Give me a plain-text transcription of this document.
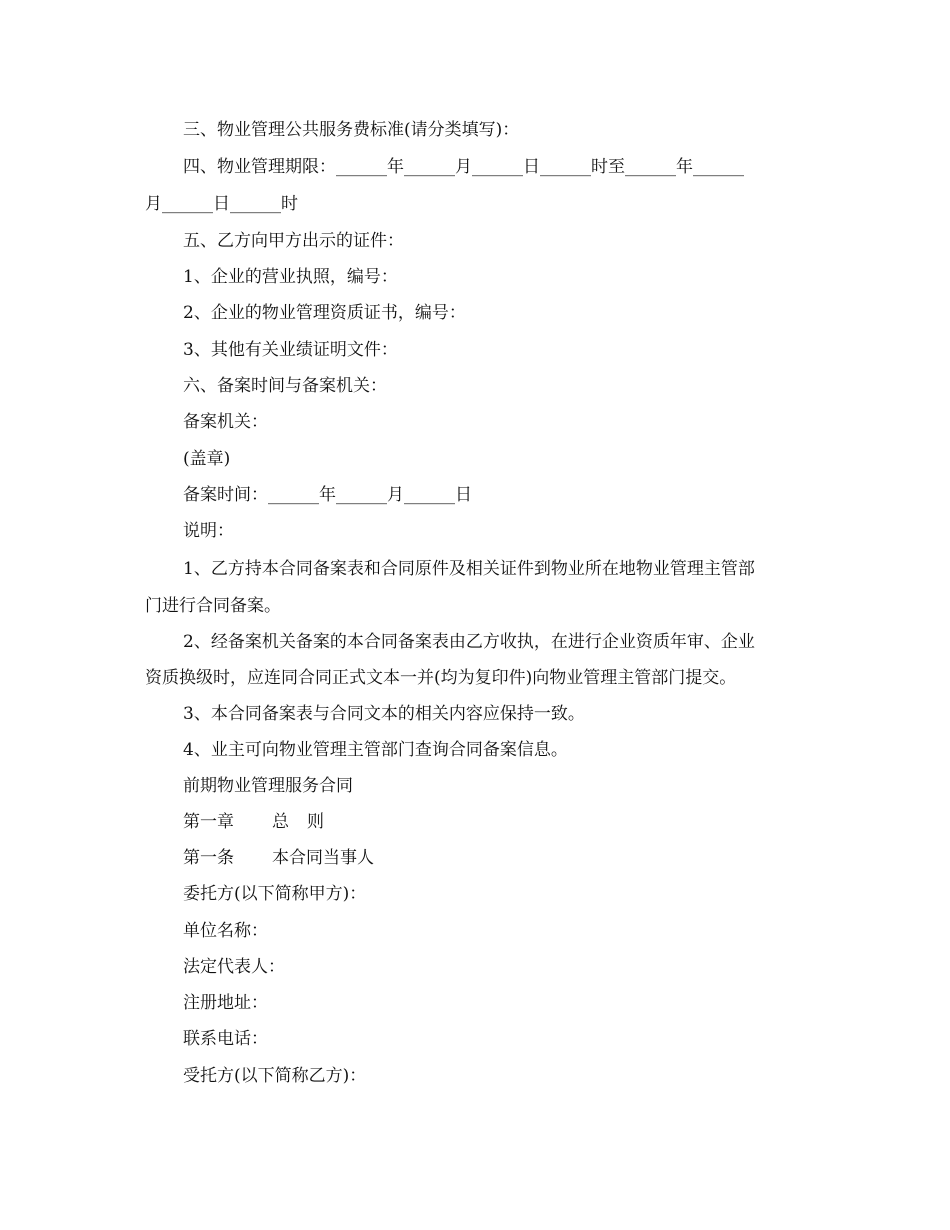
三、物业管理公共服务费标准(请分类填写)：
四、物业管理期限：______年______月______日______时至______年______
月______日______时
五、乙方向甲方出示的证件：
1、企业的营业执照，编号：
2、企业的物业管理资质证书，编号：
3、其他有关业绩证明文件：
六、备案时间与备案机关：
备案机关：
(盖章)
备案时间：______年______月______日
说明：
1、乙方持本合同备案表和合同原件及相关证件到物业所在地物业管理主管部
门进行合同备案。
2、经备案机关备案的本合同备案表由乙方收执，在进行企业资质年审、企业
资质换级时，应连同合同正式文本一并(均为复印件)向物业管理主管部门提交。
3、本合同备案表与合同文本的相关内容应保持一致。
4、业主可向物业管理主管部门查询合同备案信息。
前期物业管理服务合同
第一章 总 则
第一条 本合同当事人
委托方(以下简称甲方)：
单位名称：
法定代表人：
注册地址：
联系电话：
受托方(以下简称乙方)：
